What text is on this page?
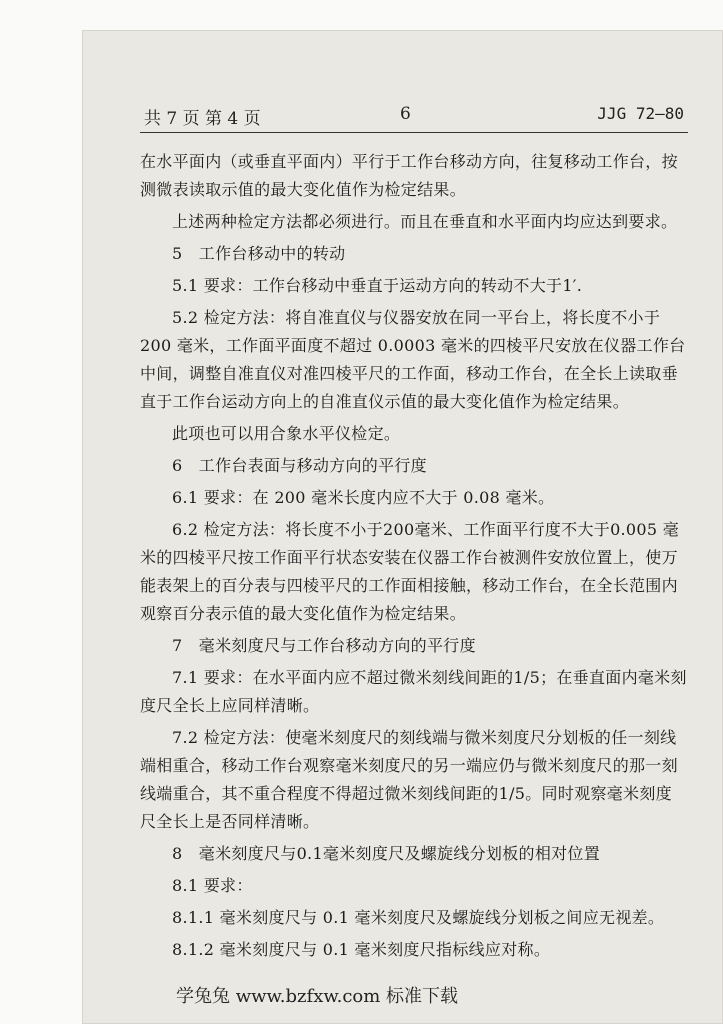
共 7 页 第 4 页	6	JJG 72—80

在水平面内（或垂直平面内）平行于工作台移动方向，往复移动工作台，按测微表读取示值的最大变化值作为检定结果。

上述两种检定方法都必须进行。而且在垂直和水平面内均应达到要求。

5　工作台移动中的转动

5.1 要求：工作台移动中垂直于运动方向的转动不大于1′.

5.2 检定方法：将自准直仪与仪器安放在同一平台上，将长度不小于 200 毫米，工作面平面度不超过 0.0003 毫米的四棱平尺安放在仪器工作台中间，调整自准直仪对准四棱平尺的工作面，移动工作台，在全长上读取垂直于工作台运动方向上的自准直仪示值的最大变化值作为检定结果。

此项也可以用合象水平仪检定。

6　工作台表面与移动方向的平行度

6.1 要求：在 200 毫米长度内应不大于 0.08 毫米。

6.2 检定方法：将长度不小于200毫米、工作面平行度不大于0.005 毫米的四棱平尺按工作面平行状态安装在仪器工作台被测件安放位置上，使万能表架上的百分表与四棱平尺的工作面相接触，移动工作台，在全长范围内观察百分表示值的最大变化值作为检定结果。

7　毫米刻度尺与工作台移动方向的平行度

7.1 要求：在水平面内应不超过微米刻线间距的1/5；在垂直面内毫米刻度尺全长上应同样清晰。

7.2 检定方法：使毫米刻度尺的刻线端与微米刻度尺分划板的任一刻线端相重合，移动工作台观察毫米刻度尺的另一端应仍与微米刻度尺的那一刻线端重合，其不重合程度不得超过微米刻线间距的1/5。同时观察毫米刻度尺全长上是否同样清晰。

8　毫米刻度尺与0.1毫米刻度尺及螺旋线分划板的相对位置

8.1 要求：

8.1.1 毫米刻度尺与 0.1 毫米刻度尺及螺旋线分划板之间应无视差。

8.1.2 毫米刻度尺与 0.1 毫米刻度尺指标线应对称。

学兔兔 www.bzfxw.com 标准下载
